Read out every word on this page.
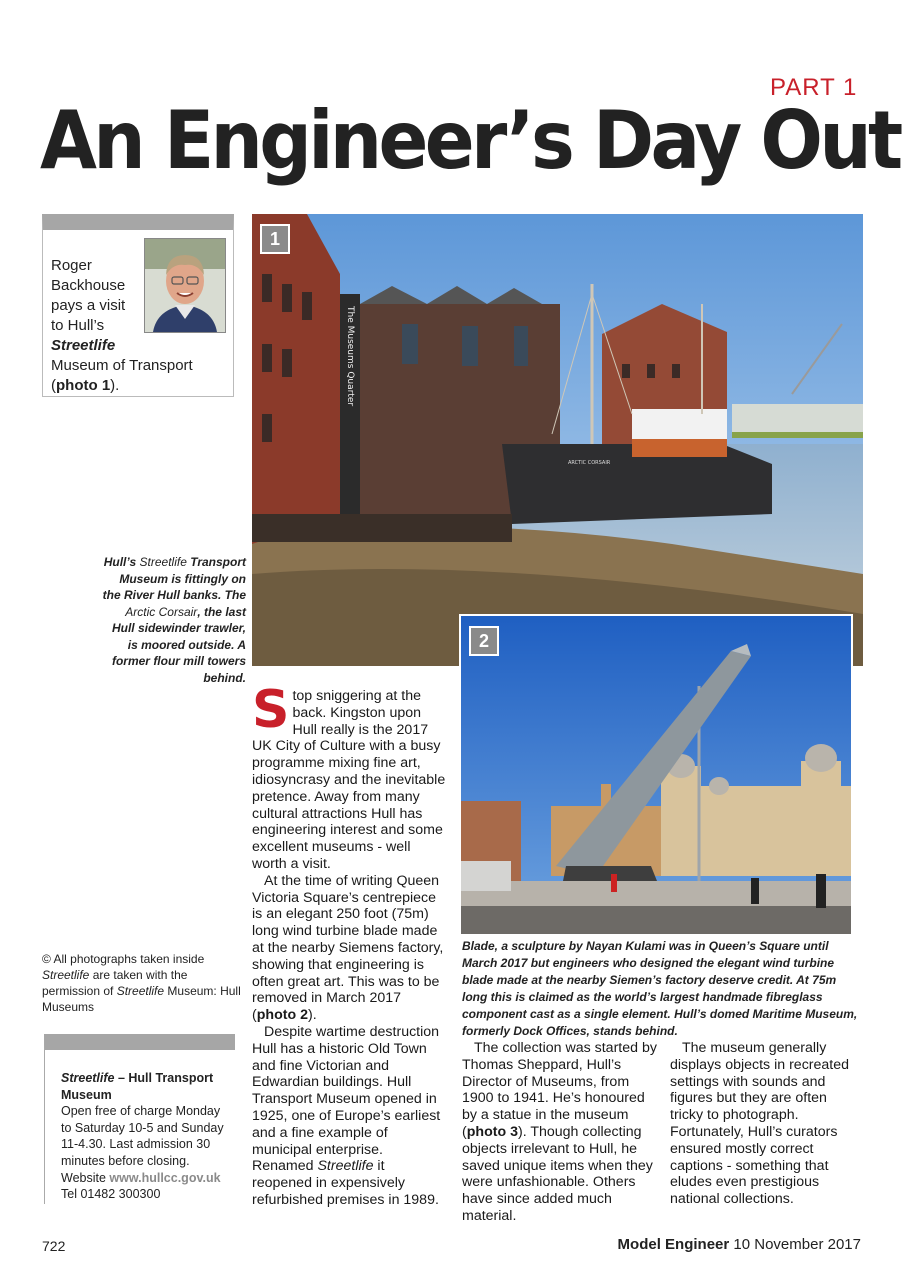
PART 1
An Engineer’s Day Out
Roger
Backhouse
pays a visit
to Hull’s
Streetlife
Museum of Transport
(photo 1).
ARCTIC CORSAIR
The Museums Quarter
1
2
Hull’s Streetlife Transport Museum is fittingly on the River Hull banks. The Arctic Corsair, the last Hull sidewinder trawler, is moored outside. A former flour mill towers behind.
Blade, a sculpture by Nayan Kulami was in Queen’s Square until March 2017 but engineers who designed the elegant wind turbine blade made at the nearby Siemen’s factory deserve credit. At 75m long this is claimed as the world’s largest handmade fibreglass component cast as a single element. Hull’s domed Maritime Museum, formerly Dock Offices, stands behind.

Stop sniggering at the back. Kingston upon Hull really is the 2017 UK City of Culture with a busy programme mixing fine art, idiosyncrasy and the inevitable pretence. Away from many cultural attractions Hull has engineering interest and some excellent museums - well worth a visit.

At the time of writing Queen Victoria Square’s centrepiece is an elegant 250 foot (75m) long wind turbine blade made at the nearby Siemens factory, showing that engineering is often great art. This was to be removed in March 2017 (photo 2).

Despite wartime destruction Hull has a historic Old Town and fine Victorian and Edwardian buildings. Hull Transport Museum opened in 1925, one of Europe’s earliest and a fine example of municipal enterprise. Renamed Streetlife it reopened in expensively refurbished premises in 1989.

The collection was started by Thomas Sheppard, Hull’s Director of Museums, from 1900 to 1941. He’s honoured by a statue in the museum (photo 3). Though collecting objects irrelevant to Hull, he saved unique items when they were unfashionable. Others have since added much material.

The museum generally displays objects in recreated settings with sounds and figures but they are often tricky to photograph. Fortunately, Hull’s curators ensured mostly correct captions - something that eludes even prestigious national collections.

© All photographs taken inside Streetlife are taken with the permission of Streetlife Museum: Hull Museums
Streetlife – Hull Transport Museum
Open free of charge Monday to Saturday 10-5 and Sunday 11-4.30. Last admission 30 minutes before closing.
Website www.hullcc.gov.uk
Tel 01482 300300
722	Model Engineer 10 November 2017
